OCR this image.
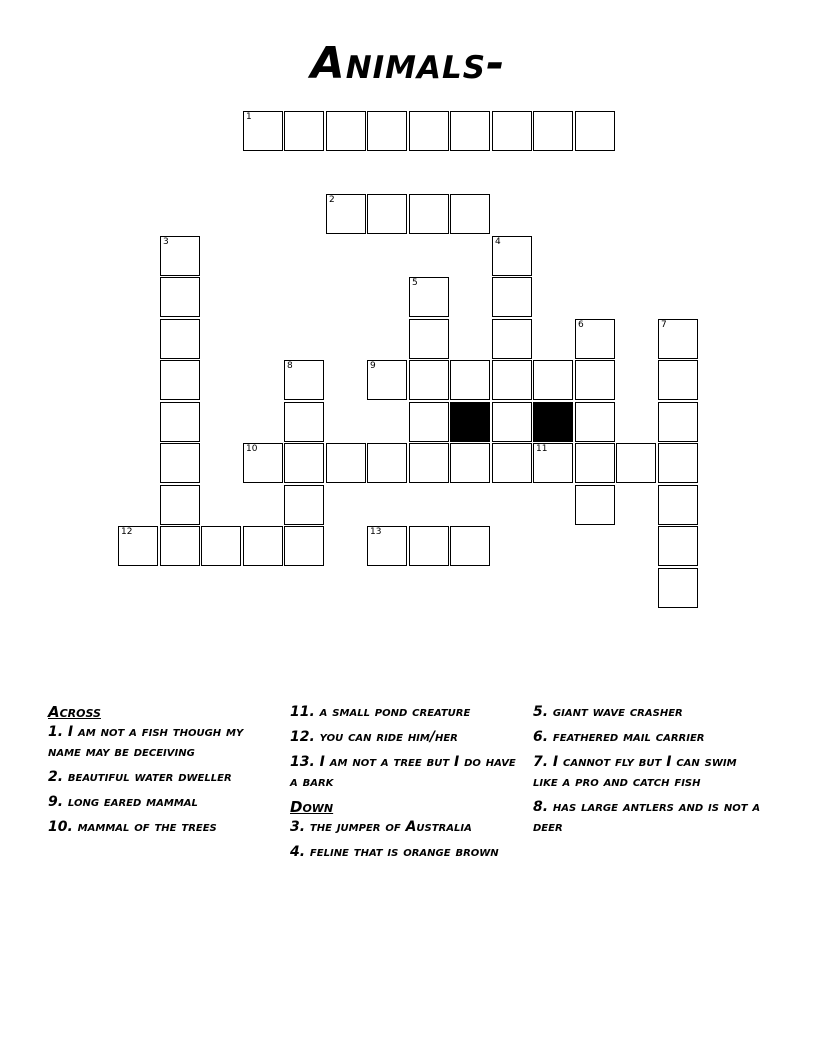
Animals-
1
2
3	4
5
6	7
8	9
10	11
12	13
Across
1. I am not a fish though my name may be deceiving
2. beautiful water dweller
9. long eared mammal
10. mammal of the trees
11. a small pond creature
12. you can ride him/her
13. I am not a tree but I do have a bark
Down
3. the jumper of Australia
4. feline that is orange brown
5. giant wave crasher
6. feathered mail carrier
7. I cannot fly but I can swim like a pro and catch fish
8. has large antlers and is not a deer
